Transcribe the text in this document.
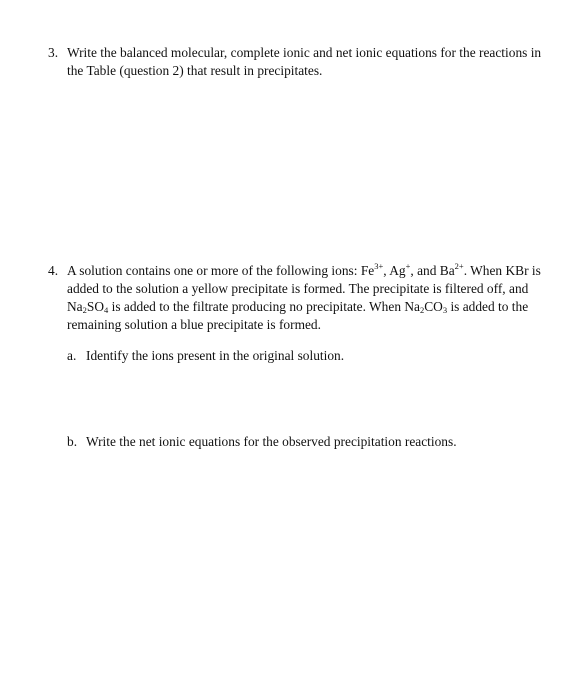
3. Write the balanced molecular, complete ionic and net ionic equations for the reactions in the Table (question 2) that result in precipitates.
4. A solution contains one or more of the following ions: $Fe^{3+}$, Ag+, and $Ba^{2+}$. When KBr is added to the solution a yellow precipitate is formed. The precipitate is filtered off, and Na2SO4 is added to the filtrate producing no precipitate. When Na2CO3 is added to the remaining solution a blue precipitate is formed.
a. Identify the ions present in the original solution.
b. Write the net ionic equations for the observed precipitation reactions.
